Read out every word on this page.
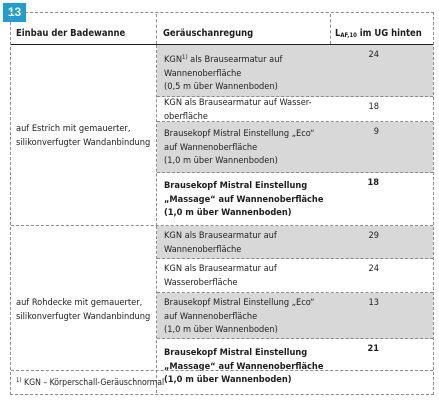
13
Einbau der Badewanne	Geräuschanregung	$L_{AF,10}$ im UG hinten
KGN$^{1)}$ als Brausearmatur auf
Wannenoberfläche
(0,5 m über Wannenboden)
24
KGN als Brausearmatur auf Wasser-
oberfläche
18
Brausekopf Mistral Einstellung „Eco“
auf Wannenoberfläche
(1,0 m über Wannenboden)
9
Brausekopf Mistral Einstellung
„Massage“ auf Wannenoberfläche
(1,0 m über Wannenboden)
18
auf Estrich mit gemauerter,
silikonverfugter Wandanbindung
KGN als Brausearmatur auf
Wannenoberfläche
29
KGN als Brausearmatur auf
Wasseroberfläche
24
Brausekopf Mistral Einstellung „Eco“
auf Wannenoberfläche
(1,0 m über Wannenboden)
13
Brausekopf Mistral Einstellung
„Massage“ auf Wannenoberfläche
(1,0 m über Wannenboden)
21
auf Rohdecke mit gemauerter,
silikonverfugter Wandanbindung
$^{1)}$ KGN – Körperschall-Geräuschnormal
